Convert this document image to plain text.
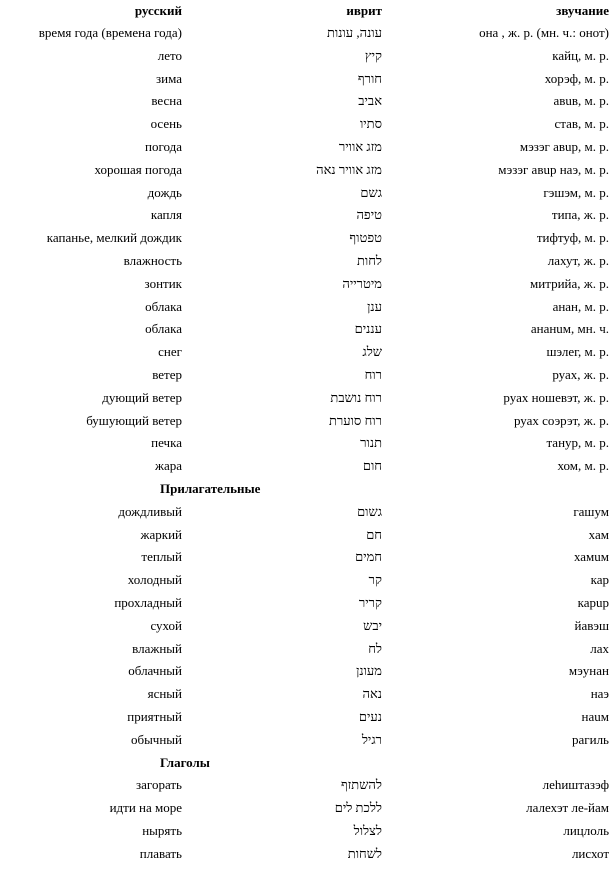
русский	иврит	звучание
время года (времена года)	עונה, עונות	онa , ж. р. (мн. ч.: онот)
лето	קיץ	кайц, м. р.
зима	חורף	хорэф, м. р.
весна	אביב	авuв, м. р.
осень	סתיו	став, м. р.
погода	מזג אוויר	мэзэг авuр, м. р.
хорошая погода	מזג אוויר נאה	мэзэг авuр наэ, м. р.
дождь	גשם	гэшэм, м. р.
капля	טיפה	типa, ж. р.
капанье, мелкий дождик	טפטוף	тифтуф, м. р.
влажность	לחות	лахут, ж. р.
зонтик	מיטרייה	митрийa, ж. р.
облака	ענן	анан, м. р.
облака	עננים	ананuм, мн. ч.
снег	שלג	шэлег, м. р.
ветер	רוח	руах, ж. р.
дующий ветер	רוח נושבת	руах ношевэт, ж. р.
бушующий ветер	רוח סוערת	руах соэрэт, ж. р.
печка	תנור	танур, м. р.
жара	חום	хом, м. р.
Прилагательные		
дождливый	גשום	гашум
жаркий	חם	хам
теплый	חמים	хамuм
холодный	קר	кар
прохладный	קריר	карuр
сухой	יבש	йавэш
влажный	לח	лах
облачный	מעונן	мэунан
ясный	נאה	наэ
приятный	נעים	наuм
обычный	רגיל	рагиль
Глаголы		
загорать	להשתזף	леhиштазэф
идти на море	ללכת לים	лалехэт ле-йам
нырять	לצלול	лицлоль
плавать	לשחות	лисхот
